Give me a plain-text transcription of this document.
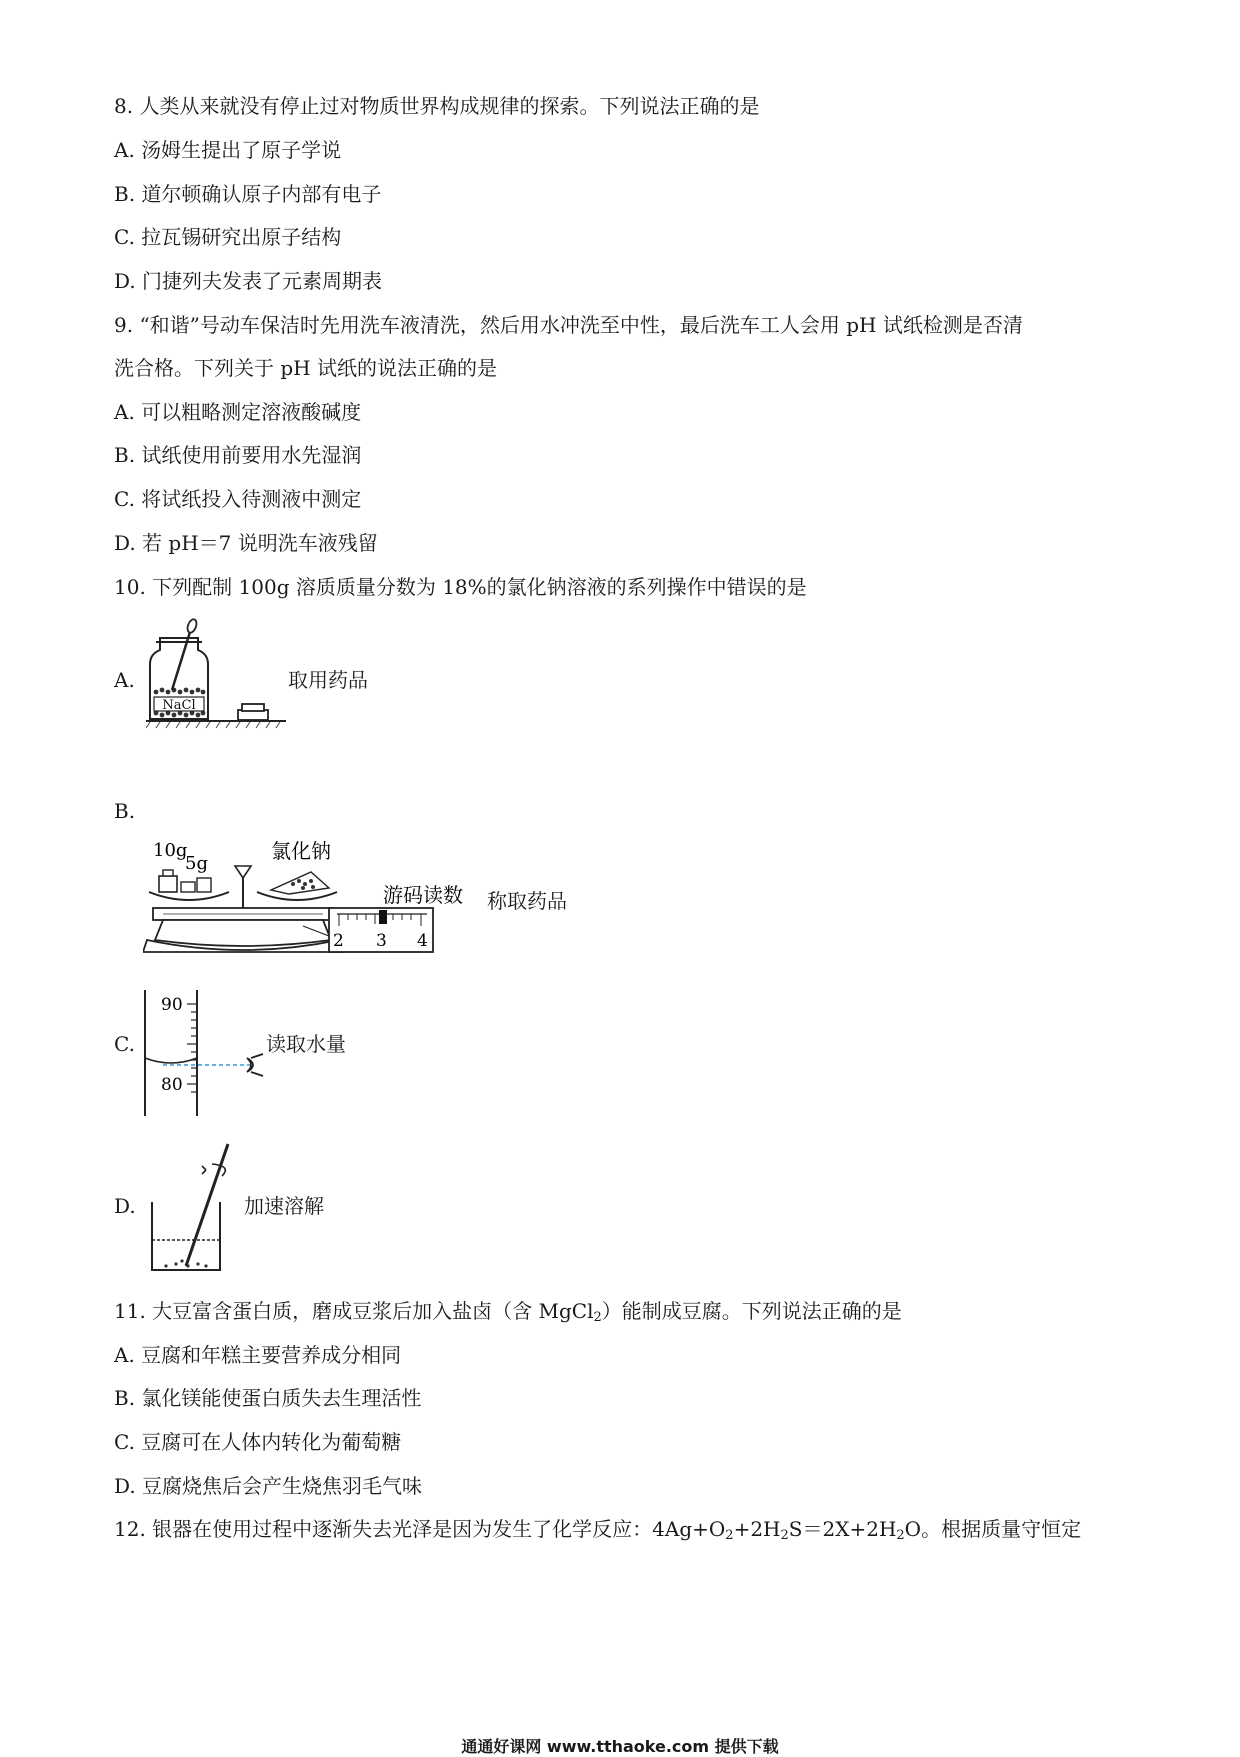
8. 人类从来就没有停止过对物质世界构成规律的探索。下列说法正确的是
A. 汤姆生提出了原子学说
B. 道尔顿确认原子内部有电子
C. 拉瓦锡研究出原子结构
D. 门捷列夫发表了元素周期表
9. “和谐”号动车保洁时先用洗车液清洗，然后用水冲洗至中性，最后洗车工人会用 pH 试纸检测是否清
洗合格。下列关于 pH 试纸的说法正确的是
A. 可以粗略测定溶液酸碱度
B. 试纸使用前要用水先湿润
C. 将试纸投入待测液中测定
D. 若 pH＝7 说明洗车液残留
10. 下列配制 100g 溶质质量分数为 18%的氯化钠溶液的系列操作中错误的是
A.
NaCl
取用药品
B.
10g
5g
氯化钠
游码读数
2 3 4
称取药品
C.
90
80
读取水量
D.	加速溶解
11. 大豆富含蛋白质，磨成豆浆后加入盐卤（含 MgCl$_2$）能制成豆腐。下列说法正确的是
A. 豆腐和年糕主要营养成分相同
B. 氯化镁能使蛋白质失去生理活性
C. 豆腐可在人体内转化为葡萄糖
D. 豆腐烧焦后会产生烧焦羽毛气味
12. 银器在使用过程中逐渐失去光泽是因为发生了化学反应：$4Ag+O_2+2H_2S=2X+2H_2O$。根据质量守恒定
通通好课网 www.tthaoke.com 提供下载
